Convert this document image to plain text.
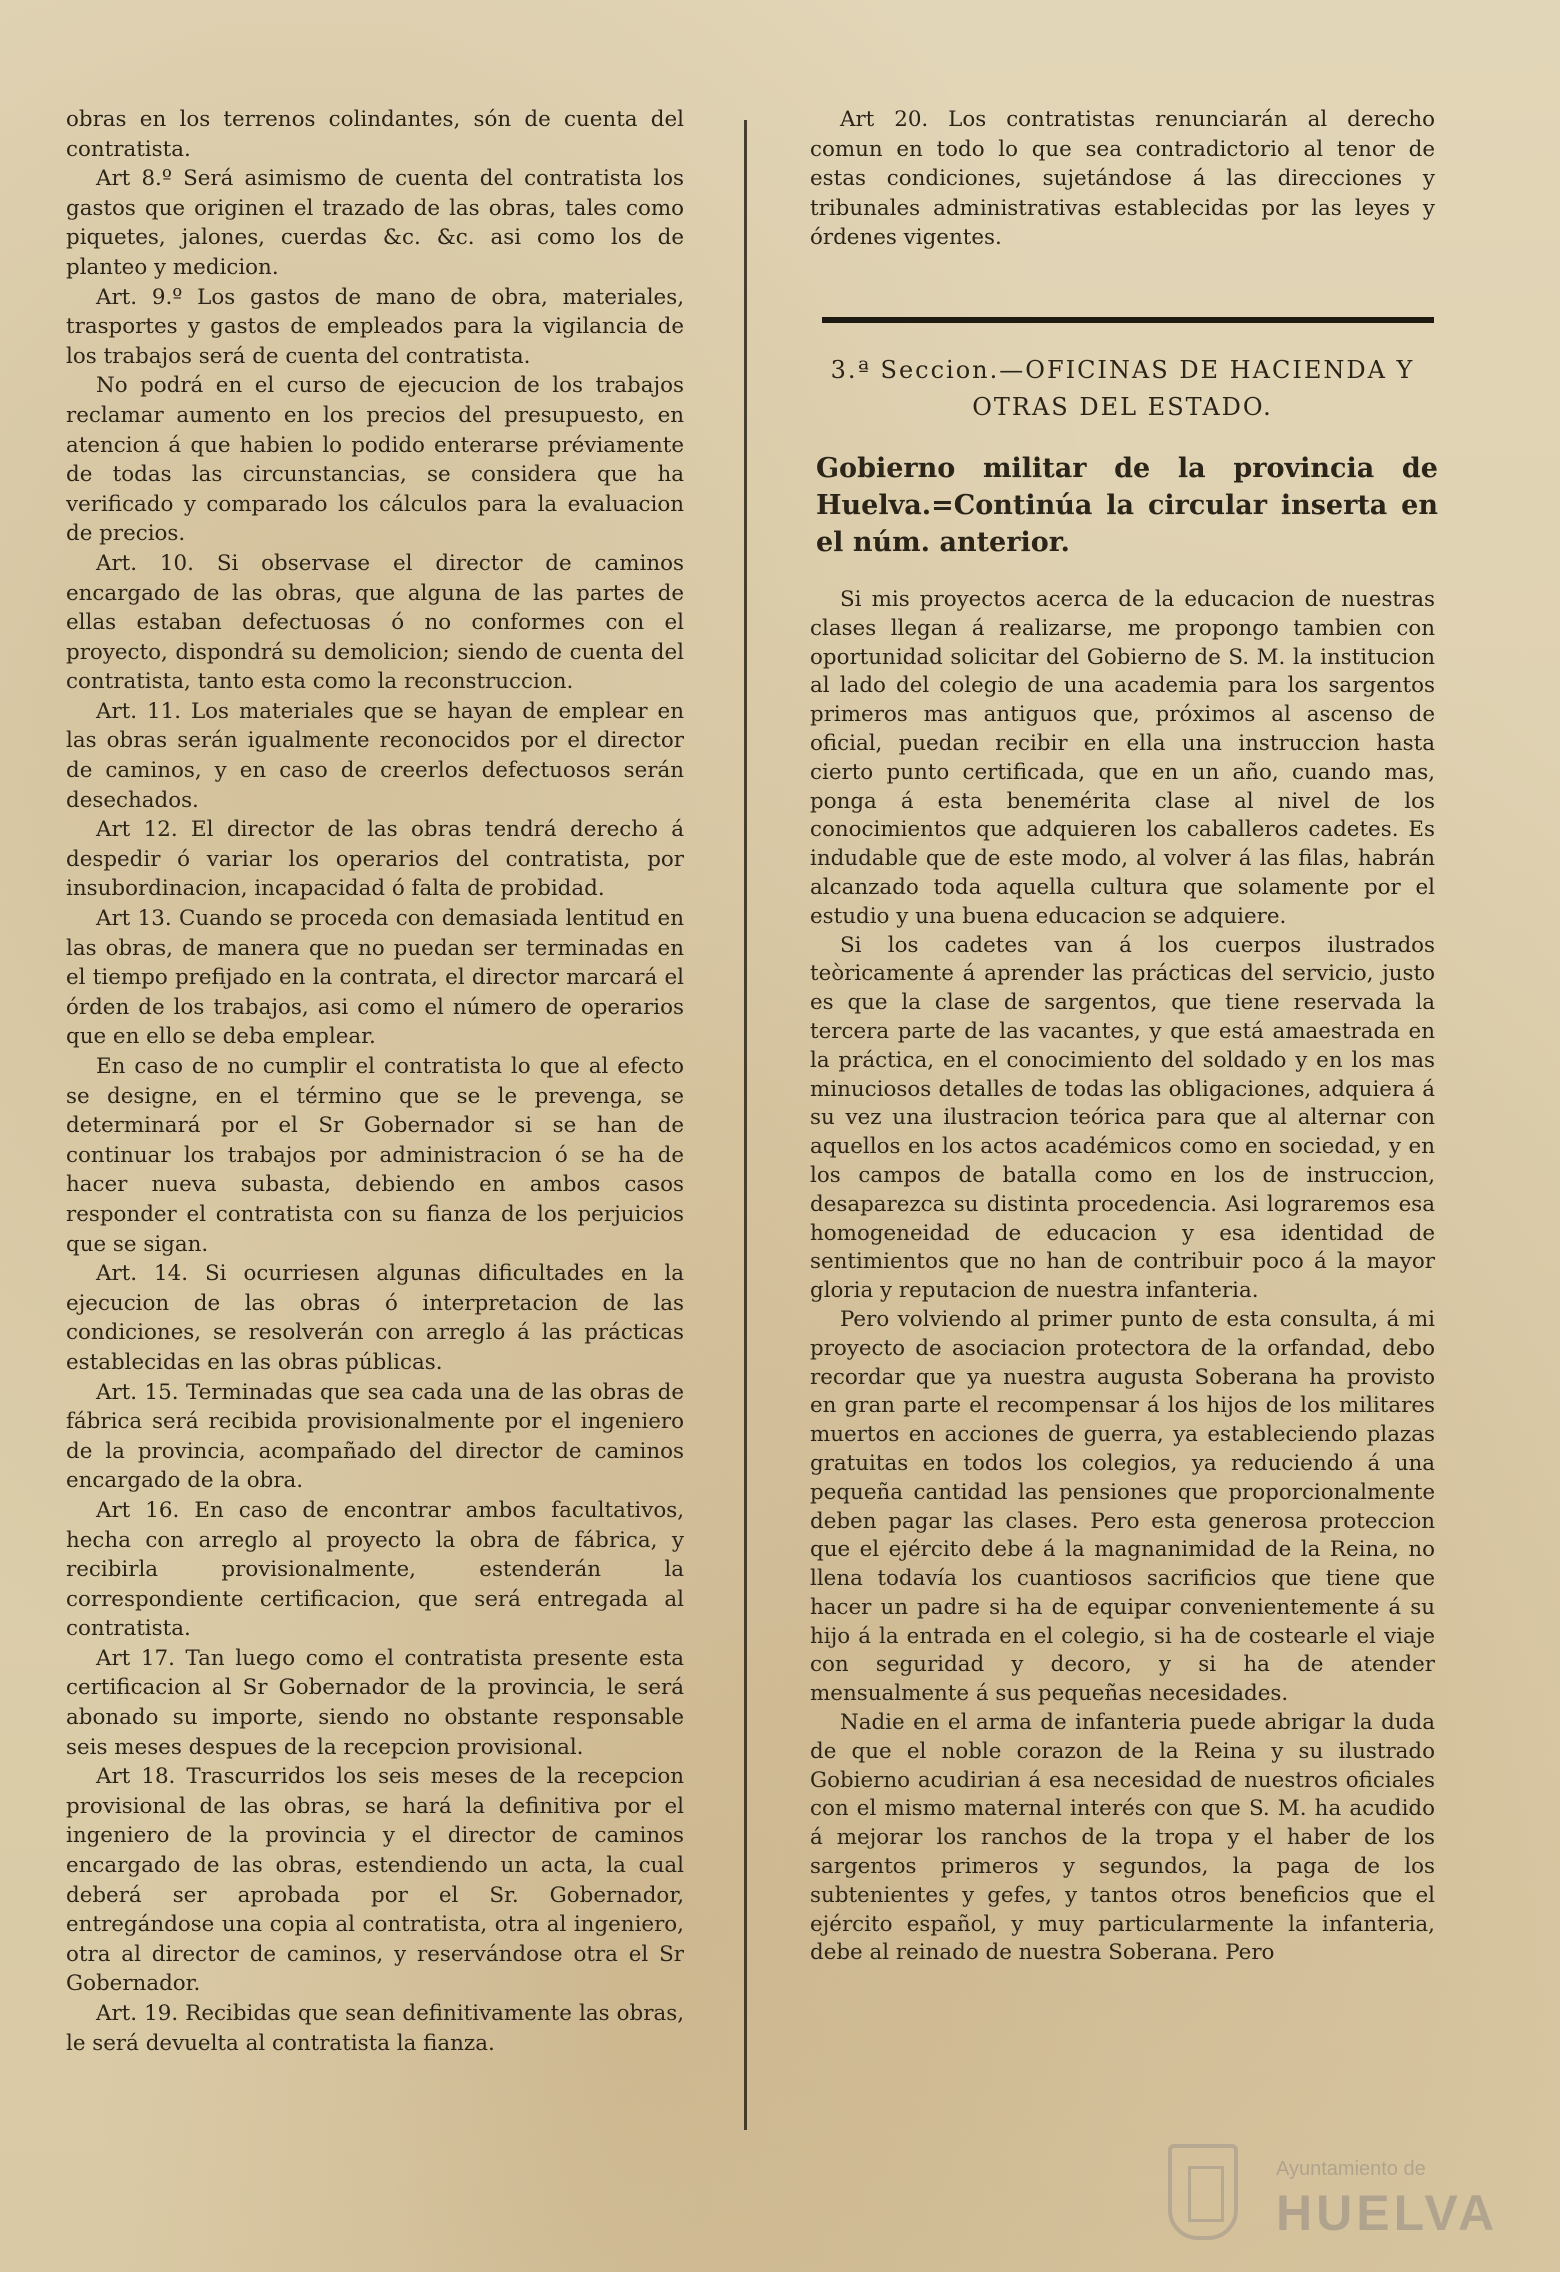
obras en los terrenos colindantes, són de cuenta del contratista.

Art 8.º Será asimismo de cuenta del contratista los gastos que originen el trazado de las obras, tales como piquetes, jalones, cuerdas &c. &c. asi como los de planteo y medicion.

Art. 9.º Los gastos de mano de obra, materiales, trasportes y gastos de empleados para la vigilancia de los trabajos será de cuenta del contratista.

No podrá en el curso de ejecucion de los trabajos reclamar aumento en los precios del presupuesto, en atencion á que habien lo podido enterarse préviamente de todas las circunstancias, se considera que ha verificado y comparado los cálculos para la evaluacion de precios.

Art. 10. Si observase el director de caminos encargado de las obras, que alguna de las partes de ellas estaban defectuosas ó no conformes con el proyecto, dispondrá su demolicion; siendo de cuenta del contratista, tanto esta como la reconstruccion.

Art. 11. Los materiales que se hayan de emplear en las obras serán igualmente reconocidos por el director de caminos, y en caso de creerlos defectuosos serán desechados.

Art 12. El director de las obras tendrá derecho á despedir ó variar los operarios del contratista, por insubordinacion, incapacidad ó falta de probidad.

Art 13. Cuando se proceda con demasiada lentitud en las obras, de manera que no puedan ser terminadas en el tiempo prefijado en la contrata, el director marcará el órden de los trabajos, asi como el número de operarios que en ello se deba emplear.

En caso de no cumplir el contratista lo que al efecto se designe, en el término que se le prevenga, se determinará por el Sr Gobernador si se han de continuar los trabajos por administracion ó se ha de hacer nueva subasta, debiendo en ambos casos responder el contratista con su fianza de los perjuicios que se sigan.

Art. 14. Si ocurriesen algunas dificultades en la ejecucion de las obras ó interpretacion de las condiciones, se resolverán con arreglo á las prácticas establecidas en las obras públicas.

Art. 15. Terminadas que sea cada una de las obras de fábrica será recibida provisionalmente por el ingeniero de la provincia, acompañado del director de caminos encargado de la obra.

Art 16. En caso de encontrar ambos facultativos, hecha con arreglo al proyecto la obra de fábrica, y recibirla provisionalmente, estenderán la correspondiente certificacion, que será entregada al contratista.

Art 17. Tan luego como el contratista presente esta certificacion al Sr Gobernador de la provincia, le será abonado su importe, siendo no obstante responsable seis meses despues de la recepcion provisional.

Art 18. Trascurridos los seis meses de la recepcion provisional de las obras, se hará la definitiva por el ingeniero de la provincia y el director de caminos encargado de las obras, estendiendo un acta, la cual deberá ser aprobada por el Sr. Gobernador, entregándose una copia al contratista, otra al ingeniero, otra al director de caminos, y reservándose otra el Sr Gobernador.

Art. 19. Recibidas que sean definitivamente las obras, le será devuelta al contratista la fianza.

Art 20. Los contratistas renunciarán al derecho comun en todo lo que sea contradictorio al tenor de estas condiciones, sujetándose á las direcciones y tribunales administrativas establecidas por las leyes y órdenes vigentes.

3.ª Seccion.—OFICINAS DE HACIENDA Y
OTRAS DEL ESTADO.
Gobierno militar de la provincia de Huelva.=Continúa la circular inserta en el núm. anterior.

Si mis proyectos acerca de la educacion de nuestras clases llegan á realizarse, me propongo tambien con oportunidad solicitar del Gobierno de S. M. la institucion al lado del colegio de una academia para los sargentos primeros mas antiguos que, próximos al ascenso de oficial, puedan recibir en ella una instruccion hasta cierto punto certificada, que en un año, cuando mas, ponga á esta benemérita clase al nivel de los conocimientos que adquieren los caballeros cadetes. Es indudable que de este modo, al volver á las filas, habrán alcanzado toda aquella cultura que solamente por el estudio y una buena educacion se adquiere.

Si los cadetes van á los cuerpos ilustrados teòricamente á aprender las prácticas del servicio, justo es que la clase de sargentos, que tiene reservada la tercera parte de las vacantes, y que está amaestrada en la práctica, en el conocimiento del soldado y en los mas minuciosos detalles de todas las obligaciones, adquiera á su vez una ilustracion teórica para que al alternar con aquellos en los actos académicos como en sociedad, y en los campos de batalla como en los de instruccion, desaparezca su distinta procedencia. Asi lograremos esa homogeneidad de educacion y esa identidad de sentimientos que no han de contribuir poco á la mayor gloria y reputacion de nuestra infanteria.

Pero volviendo al primer punto de esta consulta, á mi proyecto de asociacion protectora de la orfandad, debo recordar que ya nuestra augusta Soberana ha provisto en gran parte el recompensar á los hijos de los militares muertos en acciones de guerra, ya estableciendo plazas gratuitas en todos los colegios, ya reduciendo á una pequeña cantidad las pensiones que proporcionalmente deben pagar las clases. Pero esta generosa proteccion que el ejército debe á la magnanimidad de la Reina, no llena todavía los cuantiosos sacrificios que tiene que hacer un padre si ha de equipar convenientemente á su hijo á la entrada en el colegio, si ha de costearle el viaje con seguridad y decoro, y si ha de atender mensualmente á sus pequeñas necesidades.

Nadie en el arma de infanteria puede abrigar la duda de que el noble corazon de la Reina y su ilustrado Gobierno acudirian á esa necesidad de nuestros oficiales con el mismo maternal interés con que S. M. ha acudido á mejorar los ranchos de la tropa y el haber de los sargentos primeros y segundos, la paga de los subtenientes y gefes, y tantos otros beneficios que el ejército español, y muy particularmente la infanteria, debe al reinado de nuestra Soberana. Pero

Ayuntamiento de
HUELVA
